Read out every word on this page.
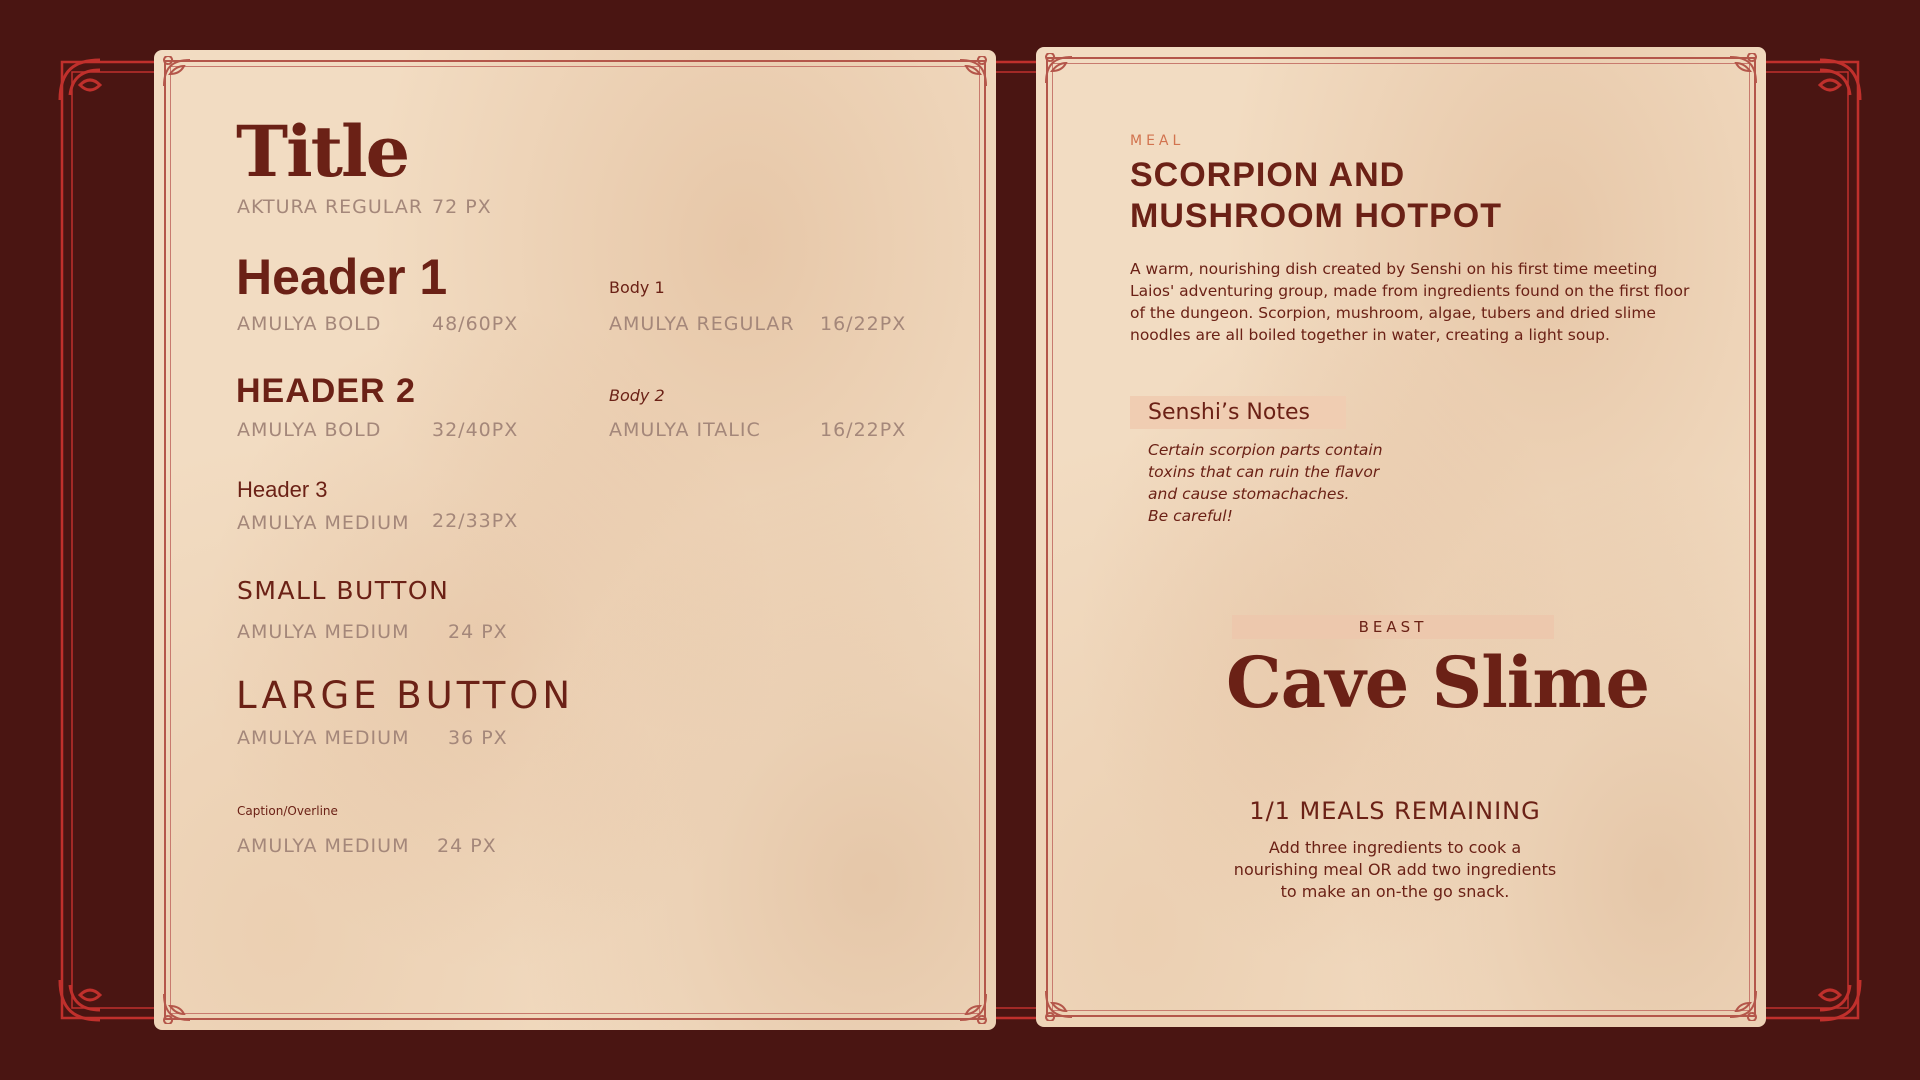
Title
AKTURA REGULAR 72 PX
Header 1
AMULYA BOLD	48/60PX
Body 1
AMULYA REGULAR 16/22PX
HEADER 2
AMULYA BOLD	32/40PX
Body 2
AMULYA ITALIC	16/22PX
Header 3
AMULYA MEDIUM 22/33PX
SMALL BUTTON
AMULYA MEDIUM 24 PX
LARGE BUTTON
AMULYA MEDIUM 36 PX
Caption/Overline
AMULYA MEDIUM 24 PX
MEAL
SCORPION AND
MUSHROOM HOTPOT
A warm, nourishing dish created by Senshi on his first time meeting Laios' adventuring group, made from ingredients found on the first floor of the dungeon. Scorpion, mushroom, algae, tubers and dried slime noodles are all boiled together in water, creating a light soup.
Senshi’s Notes
Certain scorpion parts contain
toxins that can ruin the flavor
and cause stomachaches.
Be careful!
BEAST
Cave Slime
1/1 MEALS REMAINING
Add three ingredients to cook a
nourishing meal OR add two ingredients
to make an on-the go snack.
